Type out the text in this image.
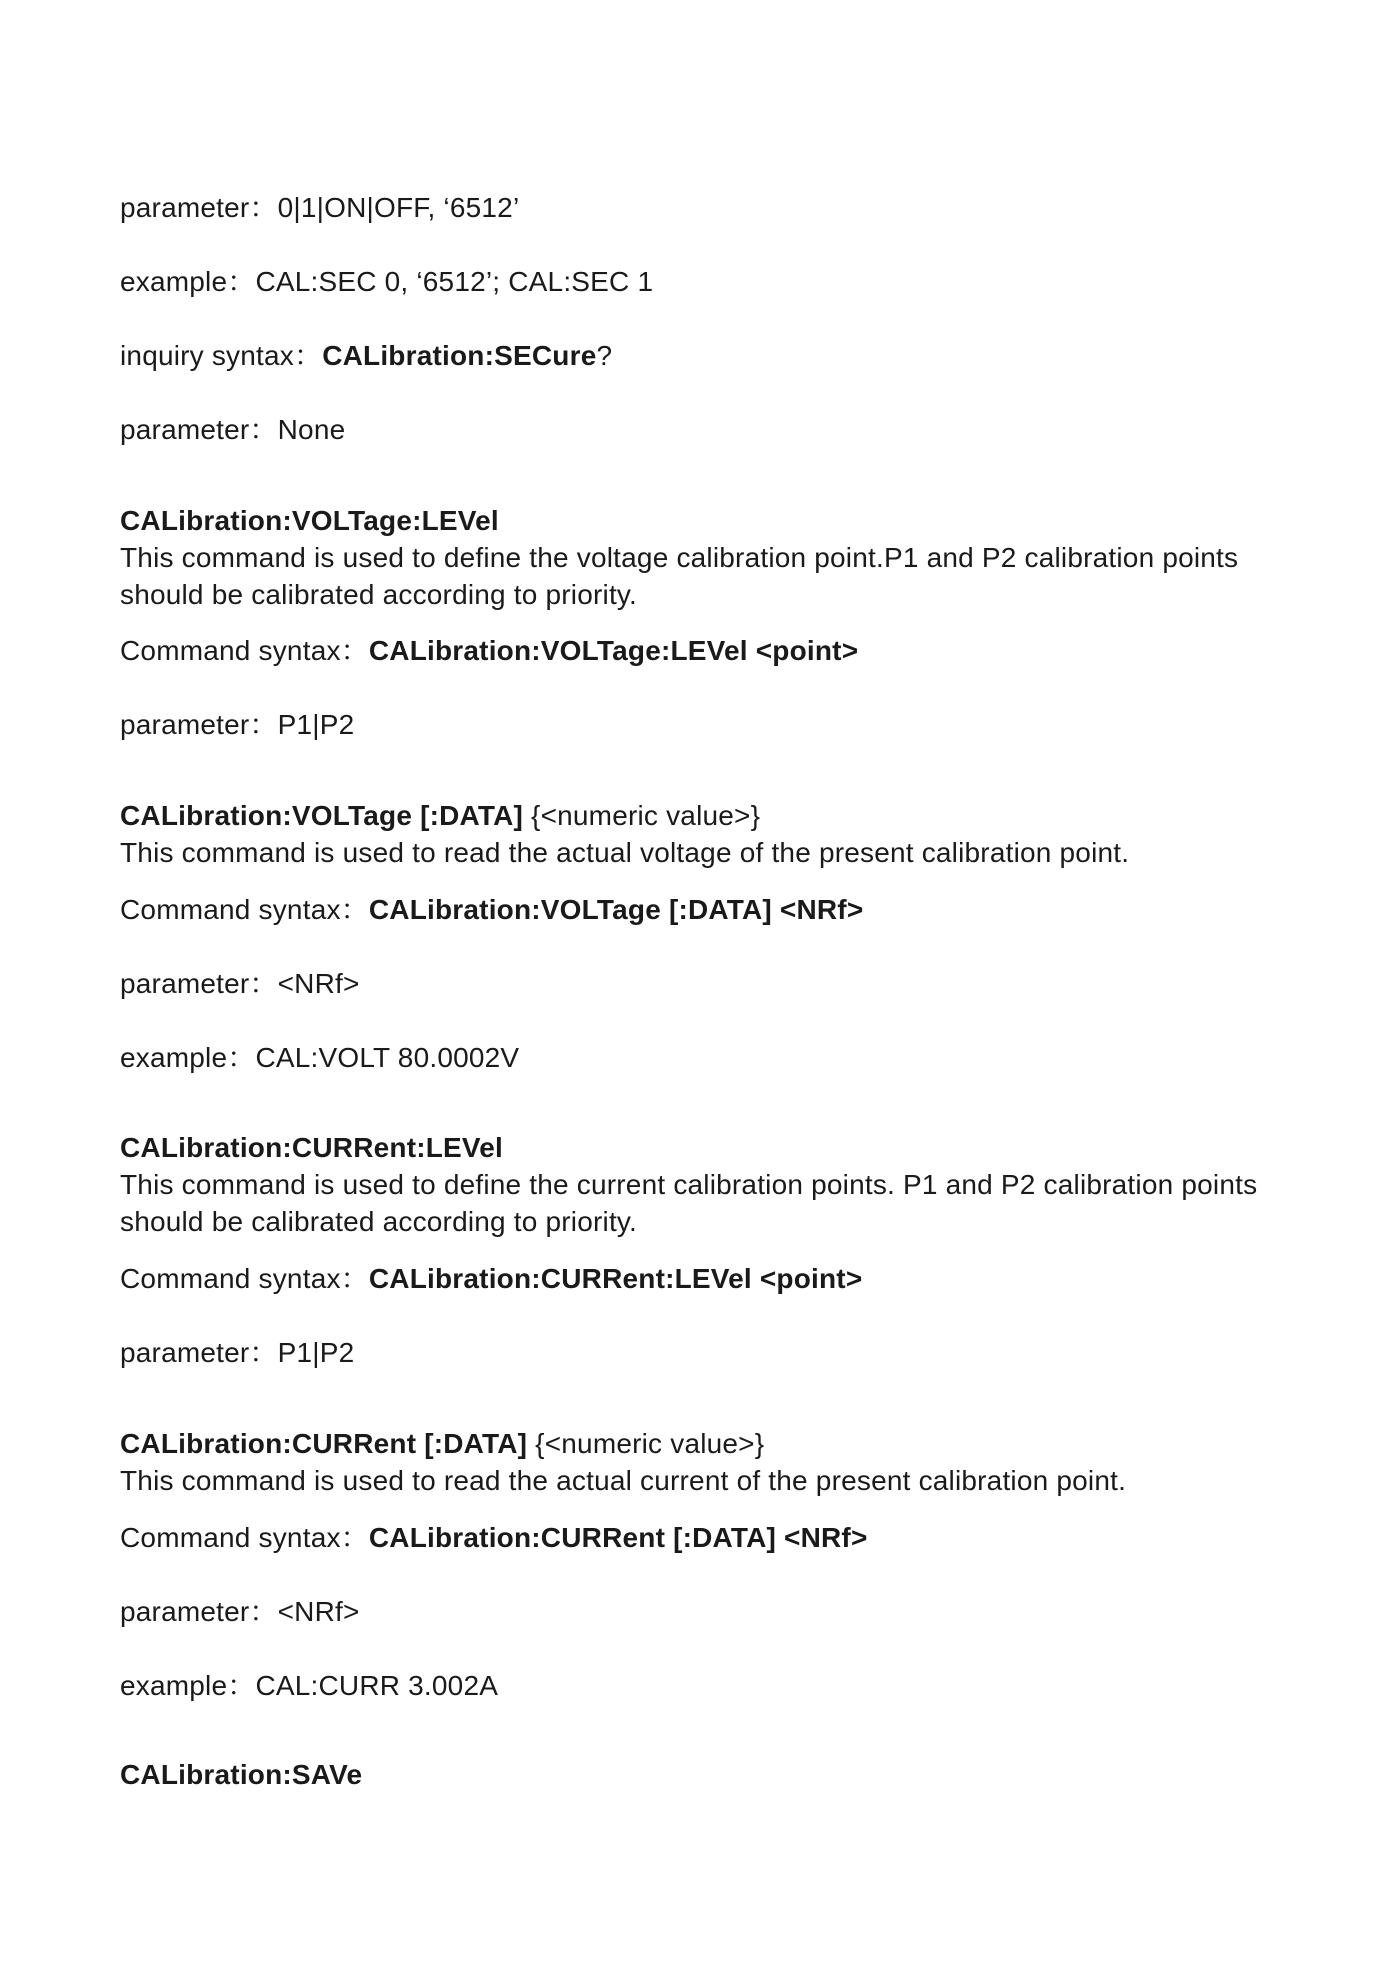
parameter：0|1|ON|OFF, ‘6512’
example：CAL:SEC 0, ‘6512’; CAL:SEC 1
inquiry syntax：CALibration:SECure?
parameter：None
CALibration:VOLTage:LEVel
This command is used to define the voltage calibration point.P1 and P2 calibration points
should be calibrated according to priority.
Command syntax：CALibration:VOLTage:LEVel <point>
parameter：P1|P2
CALibration:VOLTage [:DATA] {<numeric value>}
This command is used to read the actual voltage of the present calibration point.
Command syntax：CALibration:VOLTage [:DATA] <NRf>
parameter：<NRf>
example：CAL:VOLT 80.0002V
CALibration:CURRent:LEVel
This command is used to define the current calibration points. P1 and P2 calibration points
should be calibrated according to priority.
Command syntax：CALibration:CURRent:LEVel <point>
parameter：P1|P2
CALibration:CURRent [:DATA] {<numeric value>}
This command is used to read the actual current of the present calibration point.
Command syntax：CALibration:CURRent [:DATA] <NRf>
parameter：<NRf>
example：CAL:CURR 3.002A
CALibration:SAVe
